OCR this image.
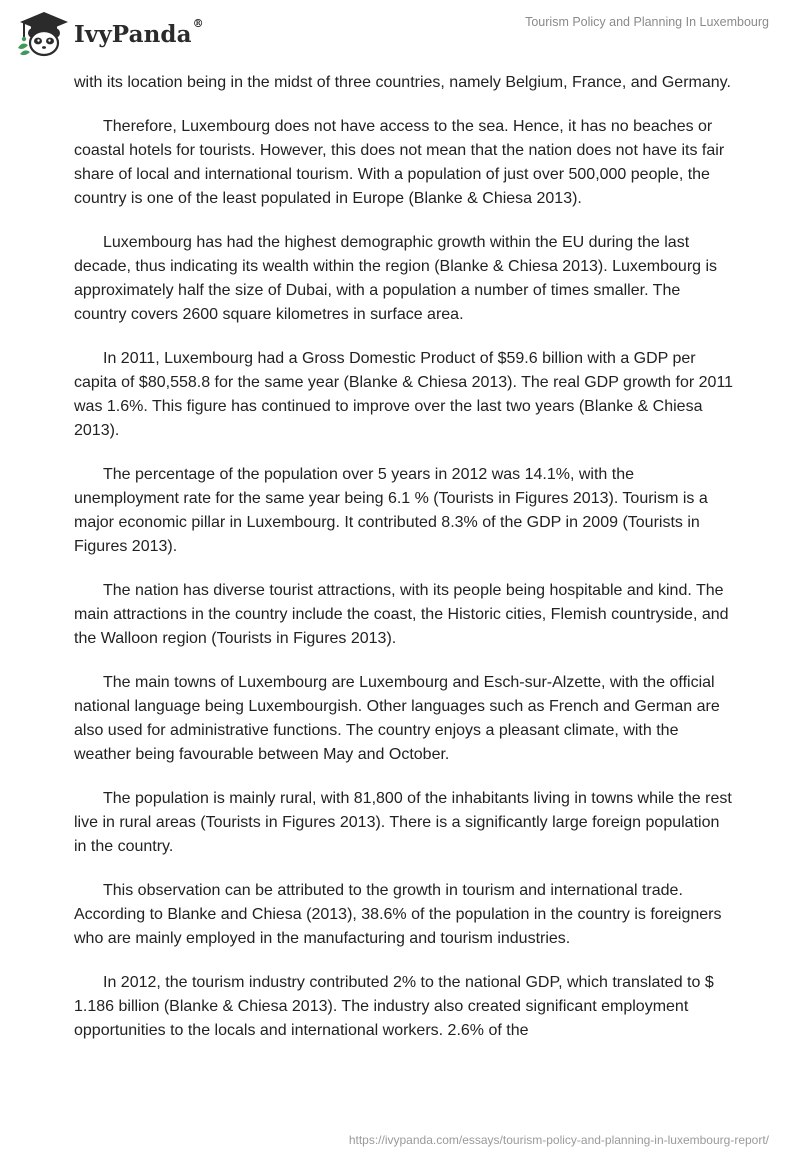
IvyPanda®	Tourism Policy and Planning In Luxembourg

with its location being in the midst of three countries, namely Belgium, France, and Germany.

Therefore, Luxembourg does not have access to the sea. Hence, it has no beaches or coastal hotels for tourists. However, this does not mean that the nation does not have its fair share of local and international tourism. With a population of just over 500,000 people, the country is one of the least populated in Europe (Blanke & Chiesa 2013).

Luxembourg has had the highest demographic growth within the EU during the last decade, thus indicating its wealth within the region (Blanke & Chiesa 2013). Luxembourg is approximately half the size of Dubai, with a population a number of times smaller. The country covers 2600 square kilometres in surface area.

In 2011, Luxembourg had a Gross Domestic Product of $59.6 billion with a GDP per capita of $80,558.8 for the same year (Blanke & Chiesa 2013). The real GDP growth for 2011 was 1.6%. This figure has continued to improve over the last two years (Blanke & Chiesa 2013).

The percentage of the population over 5 years in 2012 was 14.1%, with the unemployment rate for the same year being 6.1 % (Tourists in Figures 2013). Tourism is a major economic pillar in Luxembourg. It contributed 8.3% of the GDP in 2009 (Tourists in Figures 2013).

The nation has diverse tourist attractions, with its people being hospitable and kind. The main attractions in the country include the coast, the Historic cities, Flemish countryside, and the Walloon region (Tourists in Figures 2013).

The main towns of Luxembourg are Luxembourg and Esch-sur-Alzette, with the official national language being Luxembourgish. Other languages such as French and German are also used for administrative functions. The country enjoys a pleasant climate, with the weather being favourable between May and October.

The population is mainly rural, with 81,800 of the inhabitants living in towns while the rest live in rural areas (Tourists in Figures 2013). There is a significantly large foreign population in the country.

This observation can be attributed to the growth in tourism and international trade. According to Blanke and Chiesa (2013), 38.6% of the population in the country is foreigners who are mainly employed in the manufacturing and tourism industries.

In 2012, the tourism industry contributed 2% to the national GDP, which translated to $ 1.186 billion (Blanke & Chiesa 2013). The industry also created significant employment opportunities to the locals and international workers. 2.6% of the

https://ivypanda.com/essays/tourism-policy-and-planning-in-luxembourg-report/
